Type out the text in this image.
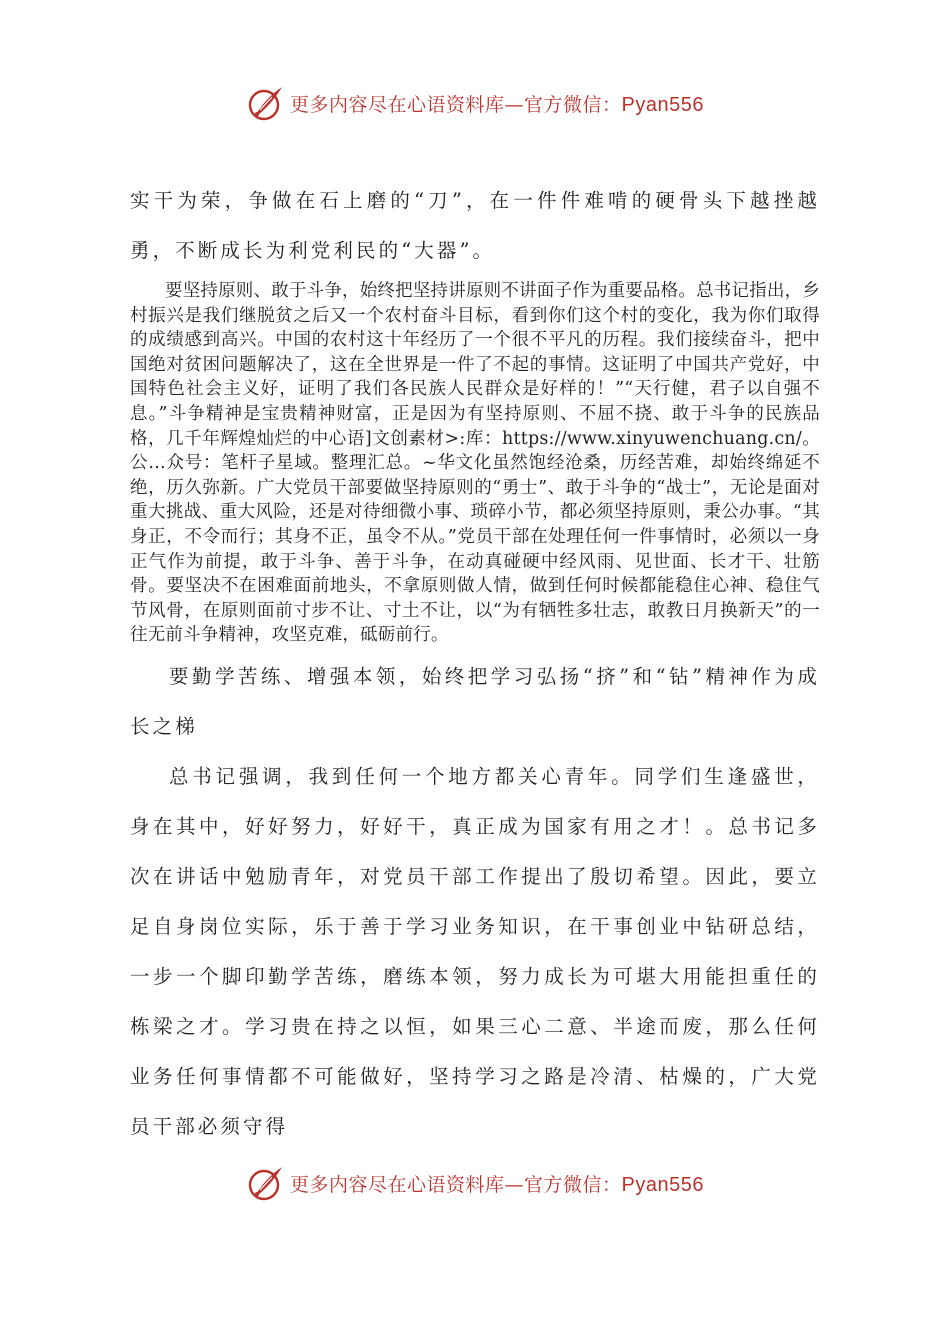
更多内容尽在心语资料库—官方微信：Pyan556

实干为荣，争做在石上磨的“刀”，在一件件难啃的硬骨头下越挫越勇，不断成长为利党利民的“大器”。

要坚持原则、敢于斗争，始终把坚持讲原则不讲面子作为重要品格。总书记指出，乡村振兴是我们继脱贫之后又一个农村奋斗目标，看到你们这个村的变化，我为你们取得的成绩感到高兴。中国的农村这十年经历了一个很不平凡的历程。我们接续奋斗，把中国绝对贫困问题解决了，这在全世界是一件了不起的事情。这证明了中国共产党好，中国特色社会主义好，证明了我们各民族人民群众是好样的！”“天行健，君子以自强不息。”斗争精神是宝贵精神财富，正是因为有坚持原则、不屈不挠、敢于斗争的民族品格，几千年辉煌灿烂的中心语]文创素材>:库：https://www.xinyuwenchuang.cn/。公…众号：笔杆子星域。整理汇总。~华文化虽然饱经沧桑，历经苦难，却始终绵延不绝，历久弥新。广大党员干部要做坚持原则的“勇士”、敢于斗争的“战士”，无论是面对重大挑战、重大风险，还是对待细微小事、琐碎小节，都必须坚持原则，秉公办事。“其身正，不令而行；其身不正，虽令不从。”党员干部在处理任何一件事情时，必须以一身正气作为前提，敢于斗争、善于斗争，在动真碰硬中经风雨、见世面、长才干、壮筋骨。要坚决不在困难面前地头，不拿原则做人情，做到任何时候都能稳住心神、稳住气节风骨，在原则面前寸步不让、寸土不让，以“为有牺牲多壮志，敢教日月换新天”的一往无前斗争精神，攻坚克难，砥砺前行。

要勤学苦练、增强本领，始终把学习弘扬“挤”和“钻”精神作为成长之梯

总书记强调，我到任何一个地方都关心青年。同学们生逢盛世，身在其中，好好努力，好好干，真正成为国家有用之才！。总书记多次在讲话中勉励青年，对党员干部工作提出了殷切希望。因此，要立足自身岗位实际，乐于善于学习业务知识，在干事创业中钻研总结，一步一个脚印勤学苦练，磨练本领，努力成长为可堪大用能担重任的栋梁之才。学习贵在持之以恒，如果三心二意、半途而废，那么任何业务任何事情都不可能做好，坚持学习之路是冷清、枯燥的，广大党员干部必须守得

更多内容尽在心语资料库—官方微信：Pyan556
